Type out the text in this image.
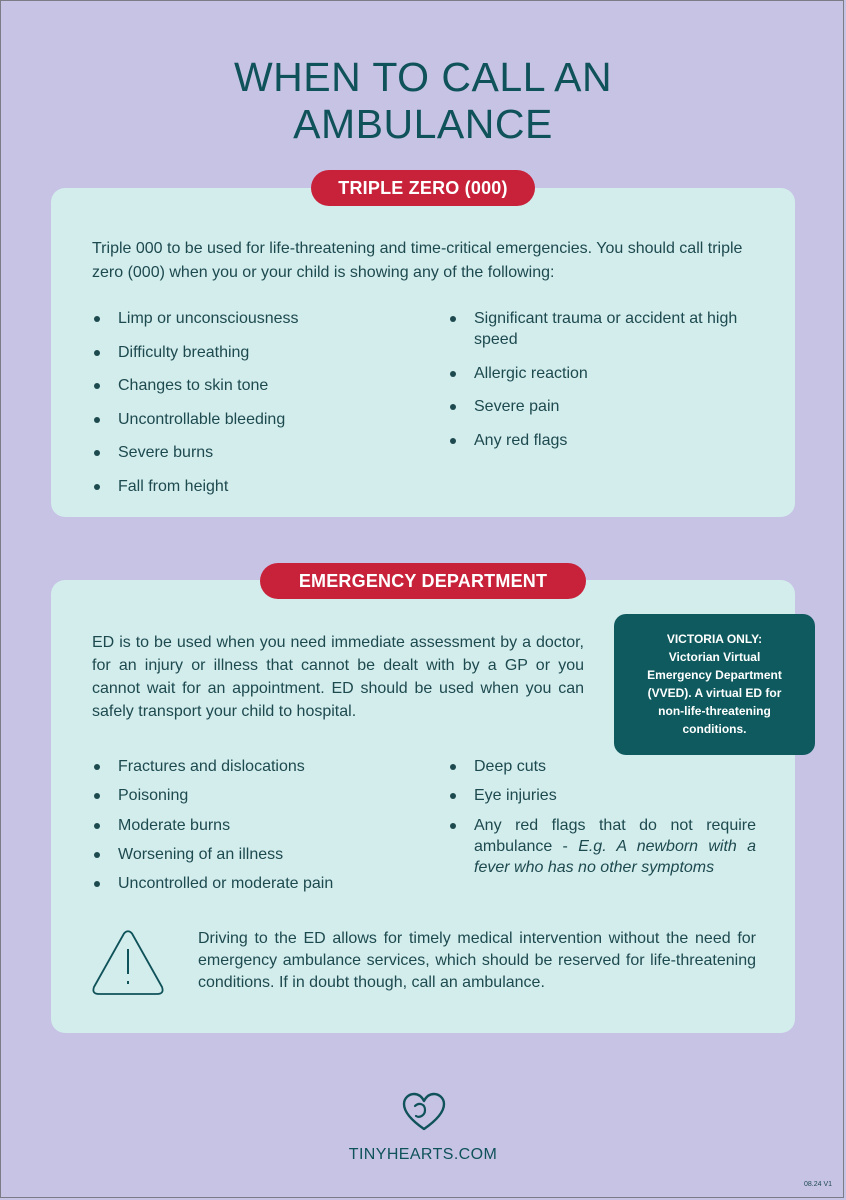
WHEN TO CALL AN
AMBULANCE
TRIPLE ZERO (000)

Triple 000 to be used for life-threatening and time-critical emergencies. You should call triple zero (000) when you or your child is showing any of the following:

Limp or unconsciousness
Difficulty breathing
Changes to skin tone
Uncontrollable bleeding
Severe burns
Fall from height
Significant trauma or accident at high speed
Allergic reaction
Severe pain
Any red flags
EMERGENCY DEPARTMENT

ED is to be used when you need immediate assessment by a doctor, for an injury or illness that cannot be dealt with by a GP or you cannot wait for an appointment. ED should be used when you can safely transport your child to hospital.

VICTORIA ONLY:
Victorian Virtual
Emergency Department
(VVED). A virtual ED for
non-life-threatening
conditions.
Fractures and dislocations
Poisoning
Moderate burns
Worsening of an illness
Uncontrolled or moderate pain
Deep cuts
Eye injuries
Any red flags that do not require ambulance - E.g. A newborn with a fever who has no other symptoms

Driving to the ED allows for timely medical intervention without the need for emergency ambulance services, which should be reserved for life-threatening conditions. If in doubt though, call an ambulance.

TINYHEARTS.COM
08.24 V1
